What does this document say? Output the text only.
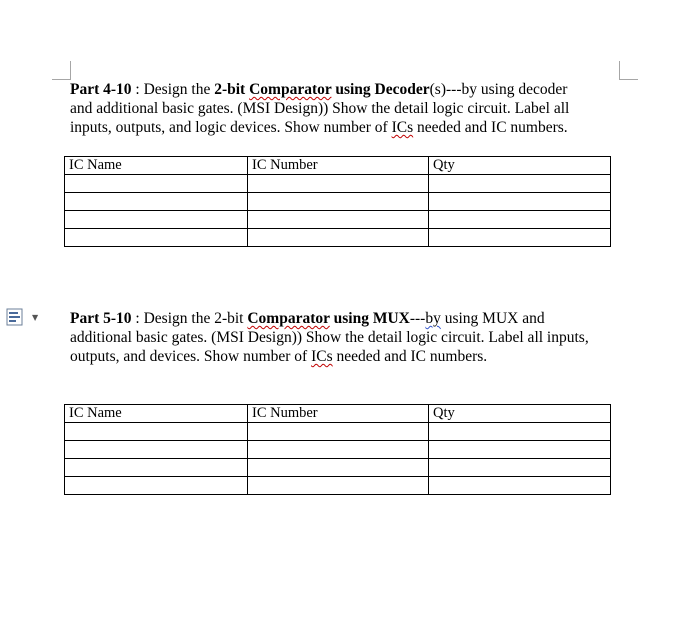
Part 4-10 : Design the 2-bit Comparator using Decoder(s)---by using decoder
and additional basic gates. (MSI Design)) Show the detail logic circuit. Label all
inputs, outputs, and logic devices. Show number of ICs needed and IC numbers.
IC Name	IC Number	Qty

▼ Part 5-10 : Design the 2-bit Comparator using MUX---by using MUX and
additional basic gates. (MSI Design)) Show the detail logic circuit. Label all inputs,
outputs, and devices. Show number of ICs needed and IC numbers.
IC Name	IC Number	Qty
